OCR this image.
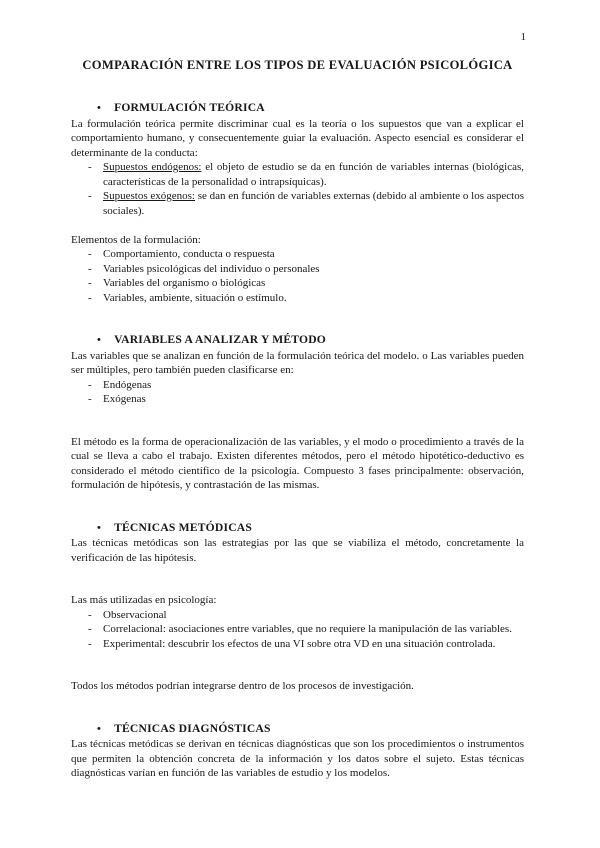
1
COMPARACIÓN ENTRE LOS TIPOS DE EVALUACIÓN PSICOLÓGICA
• FORMULACIÓN TEÓRICA

La formulación teórica permite discriminar cual es la teoría o los supuestos que van a explicar el comportamiento humano, y consecuentemente guiar la evaluación. Aspecto esencial es considerar el determinante de la conducta:

- Supuestos endógenos: el objeto de estudio se da en función de variables internas (biológicas, características de la personalidad o intrapsíquicas).
- Supuestos exógenos: se dan en función de variables externas (debido al ambiente o los aspectos sociales).

Elementos de la formulación:

- Comportamiento, conducta o respuesta
- Variables psicológicas del individuo o personales
- Variables del organismo o biológicas
- Variables, ambiente, situación o estímulo.
• VARIABLES A ANALIZAR Y MÉTODO

Las variables que se analizan en función de la formulación teórica del modelo. o Las variables pueden ser múltiples, pero también pueden clasificarse en:

- Endógenas
- Exógenas

El método es la forma de operacionalización de las variables, y el modo o procedimiento a través de la cual se lleva a cabo el trabajo. Existen diferentes métodos, pero el método hipotético-deductivo es considerado el método científico de la psicología. Compuesto 3 fases principalmente: observación, formulación de hipótesis, y contrastación de las mismas.

• TÉCNICAS METÓDICAS

Las técnicas metódicas son las estrategias por las que se viabiliza el método, concretamente la verificación de las hipótesis.

Las más utilizadas en psicología:

- Observacional
- Correlacional: asociaciones entre variables, que no requiere la manipulación de las variables.
- Experimental: descubrir los efectos de una VI sobre otra VD en una situación controlada.

Todos los métodos podrían integrarse dentro de los procesos de investigación.

• TÉCNICAS DIAGNÓSTICAS

Las técnicas metódicas se derivan en técnicas diagnósticas que son los procedimientos o instrumentos que permiten la obtención concreta de la información y los datos sobre el sujeto. Estas técnicas diagnósticas varían en función de las variables de estudio y los modelos.
